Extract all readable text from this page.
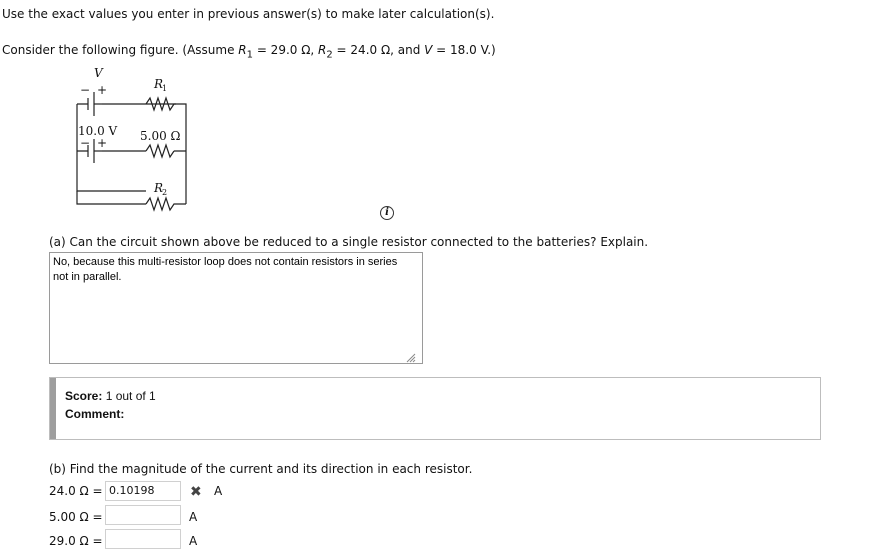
Use the exact values you enter in previous answer(s) to make later calculation(s).
Consider the following figure. (Assume $R_1 = 29.0$ Ω, $R_2 = 24.0$ Ω, and V = 18.0 V.)
V
− +	R
1
10.0 V
− +	5.00 Ω
R
2
i
(a) Can the circuit shown above be reduced to a single resistor connected to the batteries? Explain.
No, because this multi-resistor loop does not contain resistors in series
not in parallel.
Score: 1 out of 1
Comment:
(b) Find the magnitude of the current and its direction in each resistor.
24.0 Ω = 0.10198	✖ A
5.00 Ω =	A
29.0 Ω =	A
